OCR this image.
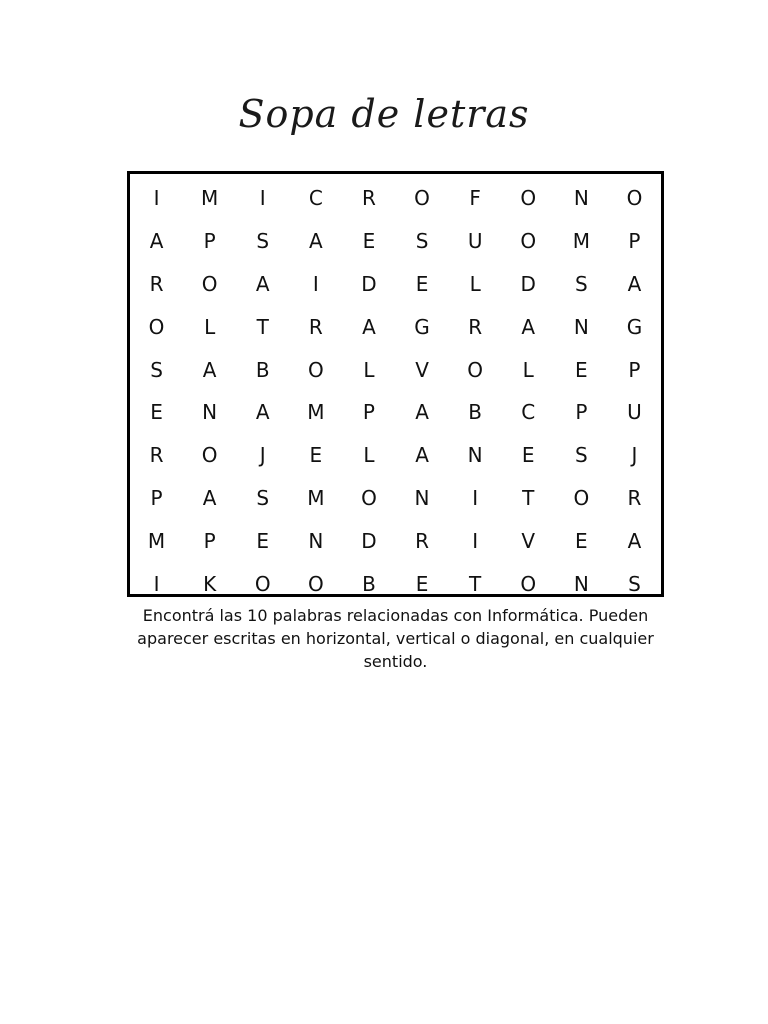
Sopa de letras
I	M	I	C	R	O	F	O	N	O
A	P	S	A	E	S	U	O	M	P
R	O	A	I	D	E	L	D	S	A
O	L	T	R	A	G	R	A	N	G
S	A	B	O	L	V	O	L	E	P
E	N	A	M	P	A	B	C	P	U
R	O	J	E	L	A	N	E	S	J
P	A	S	M	O	N	I	T	O	R
M	P	E	N	D	R	I	V	E	A
I	K	O	O	B	E	T	O	N	S
Encontrá las 10 palabras relacionadas con Informática. Pueden aparecer escritas en horizontal, vertical o diagonal, en cualquier sentido.
